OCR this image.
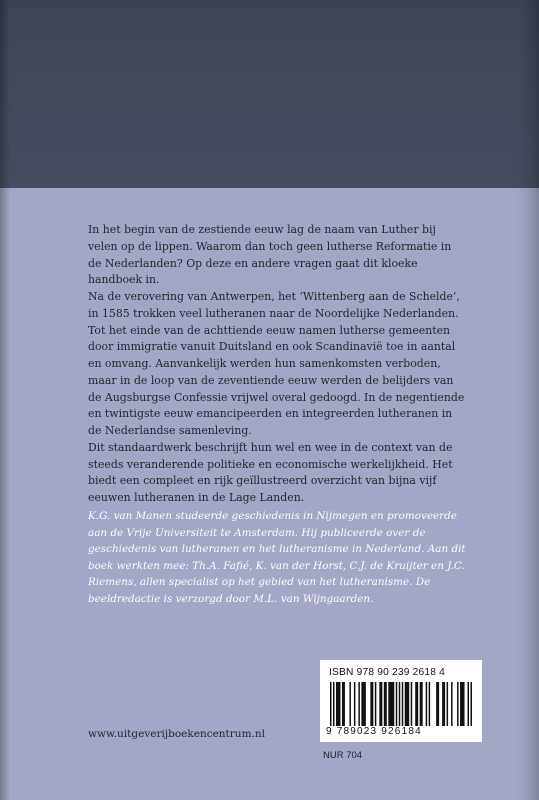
In het begin van de zestiende eeuw lag de naam van Luther bij velen op de lippen. Waarom dan toch geen lutherse Reformatie in de Nederlanden? Op deze en andere vragen gaat dit kloeke handboek in.

Na de verovering van Antwerpen, het ‘Wittenberg aan de Schelde’, in 1585 trokken veel lutheranen naar de Noordelijke Nederlanden. Tot het einde van de achttiende eeuw namen lutherse gemeenten door immigratie vanuit Duitsland en ook Scandinavië toe in aantal en omvang. Aanvankelijk werden hun samenkomsten verboden, maar in de loop van de zeventiende eeuw werden de belijders van de Augsburgse Confessie vrijwel overal gedoogd. In de negentiende en twintigste eeuw emancipeerden en integreerden lutheranen in de Nederlandse samenleving.

Dit standaardwerk beschrijft hun wel en wee in de context van de steeds veranderende politieke en economische werkelijkheid. Het biedt een compleet en rijk geïllustreerd overzicht van bijna vijf eeuwen lutheranen in de Lage Landen.

K.G. van Manen studeerde geschiedenis in Nijmegen en promoveerde aan de Vrije Universiteit te Amsterdam. Hij publiceerde over de geschiedenis van lutheranen en het lutheranisme in Nederland. Aan dit boek werkten mee: Th.A. Fafié, K. van der Horst, C.J. de Kruijter en J.C. Riemens, allen specialist op het gebied van het lutheranisme. De beeldredactie is verzorgd door M.L. van Wijngaarden.

ISBN 978 90 239 2618 4
9 789023 926184
NUR 704
www.uitgeverijboekencentrum.nl
